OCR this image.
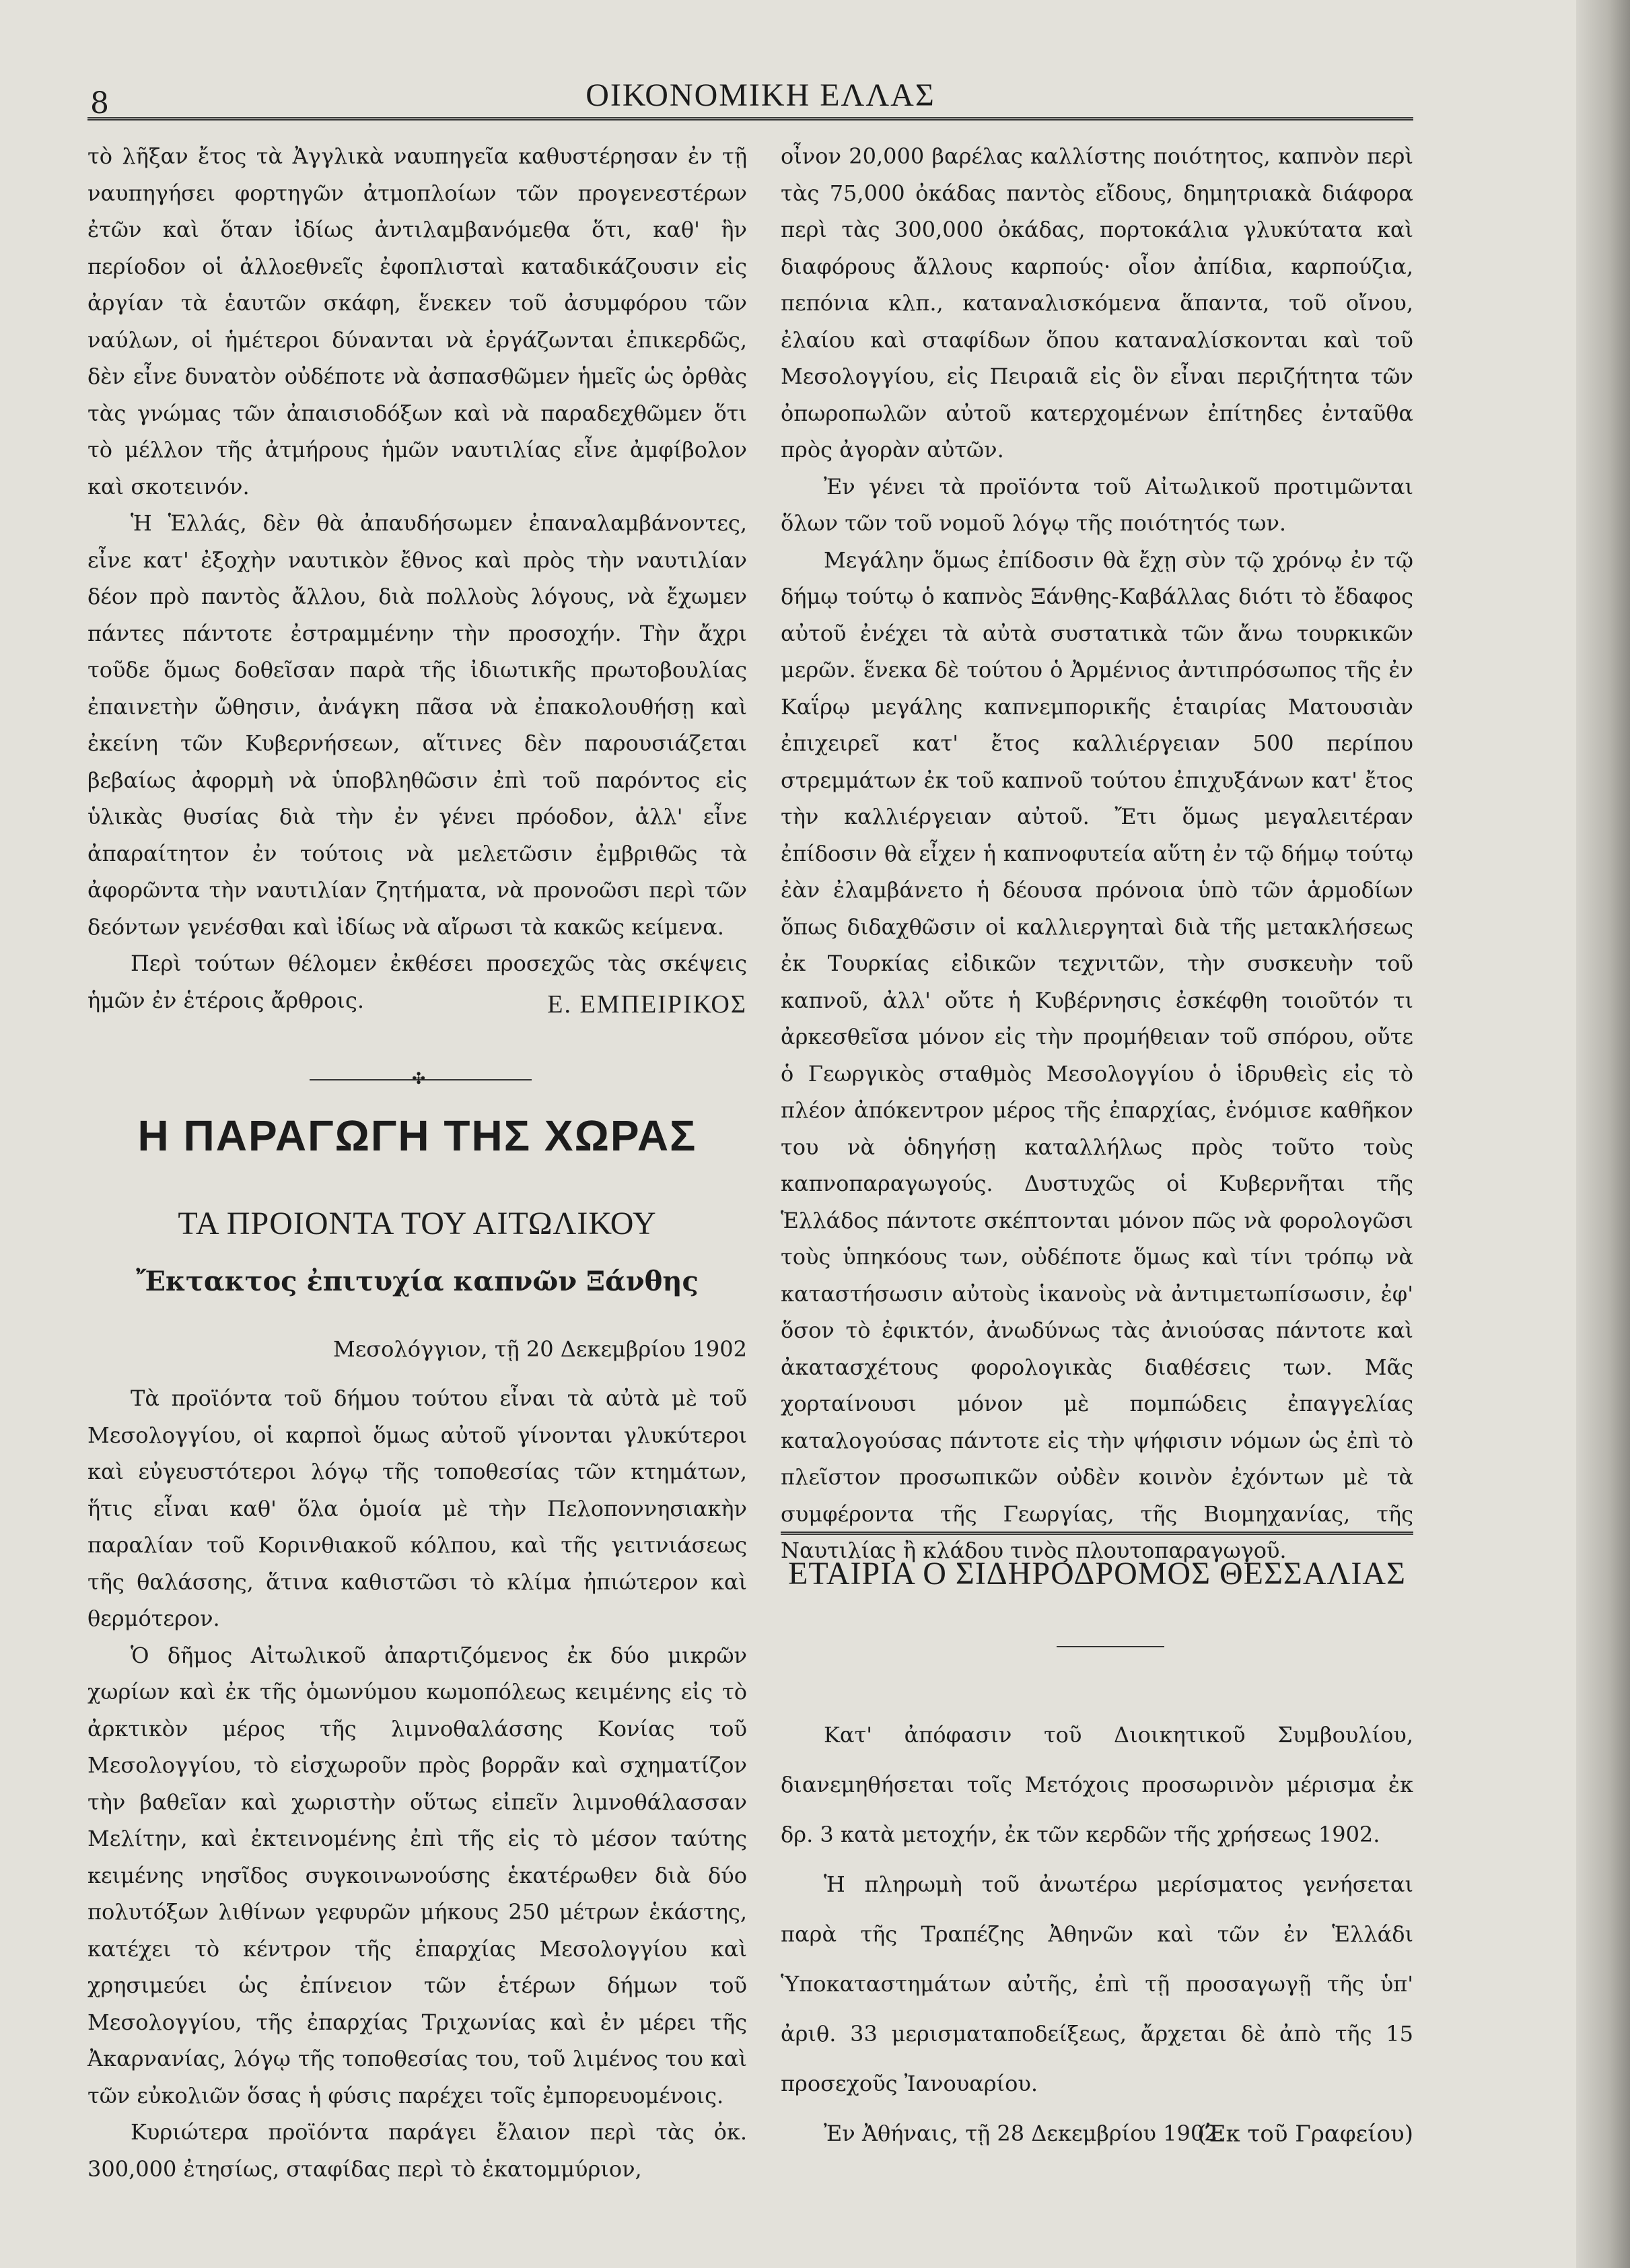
8	ΟΙΚΟΝΟΜΙΚΗ ΕΛΛΑΣ

τὸ λῆξαν ἔτος τὰ Ἀγγλικὰ ναυπηγεῖα καθυστέρησαν ἐν τῇ ναυπηγήσει φορτηγῶν ἀτμοπλοίων τῶν προγενεστέρων ἐτῶν καὶ ὅταν ἰδίως ἀντιλαμβανόμεθα ὅτι, καθ' ἣν περίοδον οἱ ἀλλοεθνεῖς ἐφοπλισταὶ καταδικάζουσιν εἰς ἀργίαν τὰ ἑαυτῶν σκάφη, ἕνεκεν τοῦ ἀσυμφόρου τῶν ναύλων, οἱ ἡμέτεροι δύνανται νὰ ἐργάζωνται ἐπικερδῶς, δὲν εἶνε δυνατὸν οὐδέποτε νὰ ἀσπασθῶμεν ἡμεῖς ὡς ὀρθὰς τὰς γνώμας τῶν ἀπαισιοδόξων καὶ νὰ παραδεχθῶμεν ὅτι τὸ μέλλον τῆς ἀτμήρους ἡμῶν ναυτιλίας εἶνε ἀμφίβολον καὶ σκοτεινόν.

Ἡ Ἑλλάς, δὲν θὰ ἀπαυδήσωμεν ἐπαναλαμβάνοντες, εἶνε κατ' ἐξοχὴν ναυτικὸν ἔθνος καὶ πρὸς τὴν ναυτιλίαν δέον πρὸ παντὸς ἄλλου, διὰ πολλοὺς λόγους, νὰ ἔχωμεν πάντες πάντοτε ἐστραμμένην τὴν προσοχήν. Τὴν ἄχρι τοῦδε ὅμως δοθεῖσαν παρὰ τῆς ἰδιωτικῆς πρωτοβουλίας ἐπαινετὴν ὤθησιν, ἀνάγκη πᾶσα νὰ ἐπακολουθήσῃ καὶ ἐκείνη τῶν Κυβερνήσεων, αἵτινες δὲν παρουσιάζεται βεβαίως ἀφορμὴ νὰ ὑποβληθῶσιν ἐπὶ τοῦ παρόντος εἰς ὑλικὰς θυσίας διὰ τὴν ἐν γένει πρόοδον, ἀλλ' εἶνε ἀπαραίτητον ἐν τούτοις νὰ μελετῶσιν ἐμβριθῶς τὰ ἀφορῶντα τὴν ναυτιλίαν ζητήματα, νὰ προνοῶσι περὶ τῶν δεόντων γενέσθαι καὶ ἰδίως νὰ αἴρωσι τὰ κακῶς κείμενα.

Περὶ τούτων θέλομεν ἐκθέσει προσεχῶς τὰς σκέψεις ἡμῶν ἐν ἑτέροις ἄρθροις.	Ε. ΕΜΠΕΙΡΙΚΟΣ
✣
Η ΠΑΡΑΓΩΓΗ ΤΗΣ ΧΩΡΑΣ
ΤΑ ΠΡΟΙΟΝΤΑ ΤΟΥ ΑΙΤΩΛΙΚΟΥ
Ἔκτακτος ἐπιτυχία καπνῶν Ξάνθης
Μεσολόγγιον, τῇ 20 Δεκεμβρίου 1902

Τὰ προϊόντα τοῦ δήμου τούτου εἶναι τὰ αὐτὰ μὲ τοῦ Μεσολογγίου, οἱ καρποὶ ὅμως αὐτοῦ γίνονται γλυκύτεροι καὶ εὐγευστότεροι λόγῳ τῆς τοποθεσίας τῶν κτημάτων, ἥτις εἶναι καθ' ὅλα ὁμοία μὲ τὴν Πελοποννησιακὴν παραλίαν τοῦ Κορινθιακοῦ κόλπου, καὶ τῆς γειτνιάσεως τῆς θαλάσσης, ἅτινα καθιστῶσι τὸ κλίμα ἠπιώτερον καὶ θερμότερον.

Ὁ δῆμος Αἰτωλικοῦ ἀπαρτιζόμενος ἐκ δύο μικρῶν χωρίων καὶ ἐκ τῆς ὁμωνύμου κωμοπόλεως κειμένης εἰς τὸ ἀρκτικὸν μέρος τῆς λιμνοθαλάσσης Κονίας τοῦ Μεσολογγίου, τὸ εἰσχωροῦν πρὸς βορρᾶν καὶ σχηματίζον τὴν βαθεῖαν καὶ χωριστὴν οὕτως εἰπεῖν λιμνοθάλασσαν Μελίτην, καὶ ἐκτεινομένης ἐπὶ τῆς εἰς τὸ μέσον ταύτης κειμένης νησῖδος συγκοινωνούσης ἑκατέρωθεν διὰ δύο πολυτόξων λιθίνων γεφυρῶν μήκους 250 μέτρων ἑκάστης, κατέχει τὸ κέντρον τῆς ἐπαρχίας Μεσολογγίου καὶ χρησιμεύει ὡς ἐπίνειον τῶν ἑτέρων δήμων τοῦ Μεσολογγίου, τῆς ἐπαρχίας Τριχωνίας καὶ ἐν μέρει τῆς Ἀκαρνανίας, λόγῳ τῆς τοποθεσίας του, τοῦ λιμένος του καὶ τῶν εὐκολιῶν ὅσας ἡ φύσις παρέχει τοῖς ἐμπορευομένοις.

Κυριώτερα προϊόντα παράγει ἔλαιον περὶ τὰς ὀκ. 300,000 ἐτησίως, σταφίδας περὶ τὸ ἑκατομμύριον,

οἶνον 20,000 βαρέλας καλλίστης ποιότητος, καπνὸν περὶ τὰς 75,000 ὀκάδας παντὸς εἴδους, δημητριακὰ διάφορα περὶ τὰς 300,000 ὀκάδας, πορτοκάλια γλυκύτατα καὶ διαφόρους ἄλλους καρπούς· οἷον ἀπίδια, καρπούζια, πεπόνια κλπ., καταναλισκόμενα ἅπαντα, τοῦ οἴνου, ἐλαίου καὶ σταφίδων ὅπου καταναλίσκονται καὶ τοῦ Μεσολογγίου, εἰς Πειραιᾶ εἰς ὃν εἶναι περιζήτητα τῶν ὀπωροπωλῶν αὐτοῦ κατερχομένων ἐπίτηδες ἐνταῦθα πρὸς ἀγορὰν αὐτῶν.

Ἐν γένει τὰ προϊόντα τοῦ Αἰτωλικοῦ προτιμῶνται ὅλων τῶν τοῦ νομοῦ λόγῳ τῆς ποιότητός των.

Μεγάλην ὅμως ἐπίδοσιν θὰ ἔχῃ σὺν τῷ χρόνῳ ἐν τῷ δήμῳ τούτῳ ὁ καπνὸς Ξάνθης-Καβάλλας διότι τὸ ἔδαφος αὐτοῦ ἐνέχει τὰ αὐτὰ συστατικὰ τῶν ἄνω τουρκικῶν μερῶν. ἕνεκα δὲ τούτου ὁ Ἀρμένιος ἀντιπρόσωπος τῆς ἐν Καΐρῳ μεγάλης καπνεμπορικῆς ἑταιρίας Ματουσιὰν ἐπιχειρεῖ κατ' ἔτος καλλιέργειαν 500 περίπου στρεμμάτων ἐκ τοῦ καπνοῦ τούτου ἐπιχυξάνων κατ' ἔτος τὴν καλλιέργειαν αὐτοῦ. Ἔτι ὅμως μεγαλειτέραν ἐπίδοσιν θὰ εἶχεν ἡ καπνοφυτεία αὕτη ἐν τῷ δήμῳ τούτῳ ἐὰν ἐλαμβάνετο ἡ δέουσα πρόνοια ὑπὸ τῶν ἁρμοδίων ὅπως διδαχθῶσιν οἱ καλλιεργηταὶ διὰ τῆς μετακλήσεως ἐκ Τουρκίας εἰδικῶν τεχνιτῶν, τὴν συσκευὴν τοῦ καπνοῦ, ἀλλ' οὔτε ἡ Κυβέρνησις ἐσκέφθη τοιοῦτόν τι ἀρκεσθεῖσα μόνον εἰς τὴν προμήθειαν τοῦ σπόρου, οὔτε ὁ Γεωργικὸς σταθμὸς Μεσολογγίου ὁ ἱδρυθεὶς εἰς τὸ πλέον ἀπόκεντρον μέρος τῆς ἐπαρχίας, ἐνόμισε καθῆκον του νὰ ὁδηγήσῃ καταλλήλως πρὸς τοῦτο τοὺς καπνοπαραγωγούς. Δυστυχῶς οἱ Κυβερνῆται τῆς Ἑλλάδος πάντοτε σκέπτονται μόνον πῶς νὰ φορολογῶσι τοὺς ὑπηκόους των, οὐδέποτε ὅμως καὶ τίνι τρόπῳ νὰ καταστήσωσιν αὐτοὺς ἱκανοὺς νὰ ἀντιμετωπίσωσιν, ἐφ' ὅσον τὸ ἐφικτόν, ἀνωδύνως τὰς ἀνιούσας πάντοτε καὶ ἀκατασχέτους φορολογικὰς διαθέσεις των. Μᾶς χορταίνουσι μόνον μὲ πομπώδεις ἐπαγγελίας καταλογούσας πάντοτε εἰς τὴν ψήφισιν νόμων ὡς ἐπὶ τὸ πλεῖστον προσωπικῶν οὐδὲν κοινὸν ἐχόντων μὲ τὰ συμφέροντα τῆς Γεωργίας, τῆς Βιομηχανίας, τῆς Ναυτιλίας ἢ κλάδου τινὸς πλουτοπαραγωγοῦ.

ΕΤΑΙΡΙΑ Ο ΣΙΔΗΡΟΔΡΟΜΟΣ ΘΕΣΣΑΛΙΑΣ

Κατ' ἀπόφασιν τοῦ Διοικητικοῦ Συμβουλίου, διανεμηθήσεται τοῖς Μετόχοις προσωρινὸν μέρισμα ἐκ δρ. 3 κατὰ μετοχήν, ἐκ τῶν κερδῶν τῆς χρήσεως 1902.

Ἡ πληρωμὴ τοῦ ἀνωτέρω μερίσματος γενήσεται παρὰ τῆς Τραπέζης Ἀθηνῶν καὶ τῶν ἐν Ἑλλάδι Ὑποκαταστημάτων αὐτῆς, ἐπὶ τῇ προσαγωγῇ τῆς ὑπ' ἀριθ. 33 μερισματαποδείξεως, ἄρχεται δὲ ἀπὸ τῆς 15 προσεχοῦς Ἰανουαρίου.

Ἐν Ἀθήναις, τῇ 28 Δεκεμβρίου 1902.

(Ἐκ τοῦ Γραφείου)
